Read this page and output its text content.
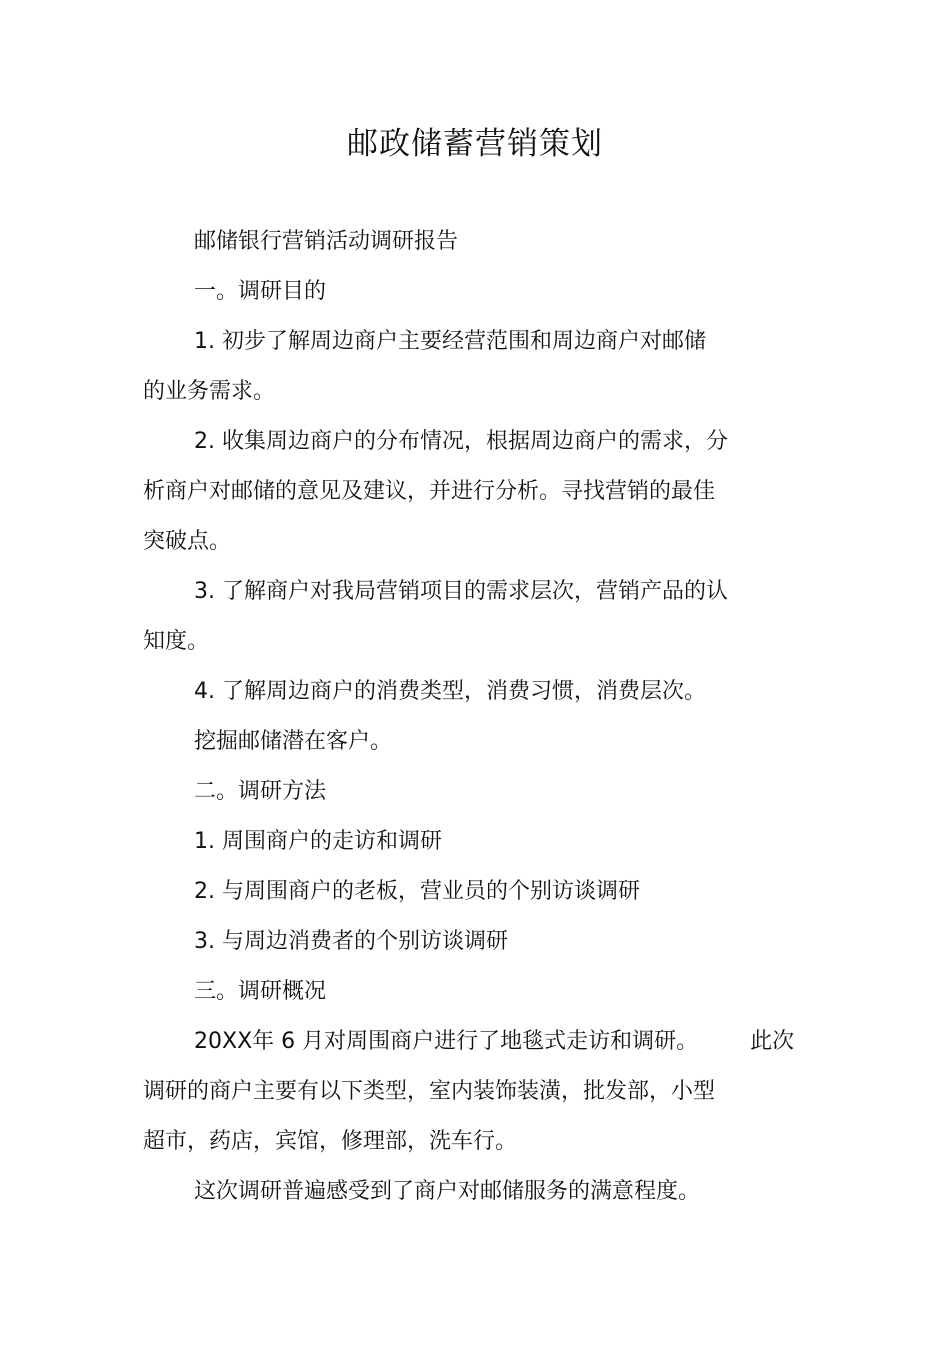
邮政储蓄营销策划
邮储银行营销活动调研报告
一。调研目的
1. 初步了解周边商户主要经营范围和周边商户对邮储
的业务需求。
2. 收集周边商户的分布情况，根据周边商户的需求，分
析商户对邮储的意见及建议，并进行分析。寻找营销的最佳
突破点。
3. 了解商户对我局营销项目的需求层次，营销产品的认
知度。
4. 了解周边商户的消费类型，消费习惯，消费层次。
挖掘邮储潜在客户。
二。调研方法
1. 周围商户的走访和调研
2. 与周围商户的老板，营业员的个别访谈调研
3. 与周边消费者的个别访谈调研
三。调研概况
20XX年 6 月对周围商户进行了地毯式走访和调研。 此次
调研的商户主要有以下类型，室内装饰装潢，批发部，小型
超市，药店，宾馆，修理部，洗车行。
这次调研普遍感受到了商户对邮储服务的满意程度。
